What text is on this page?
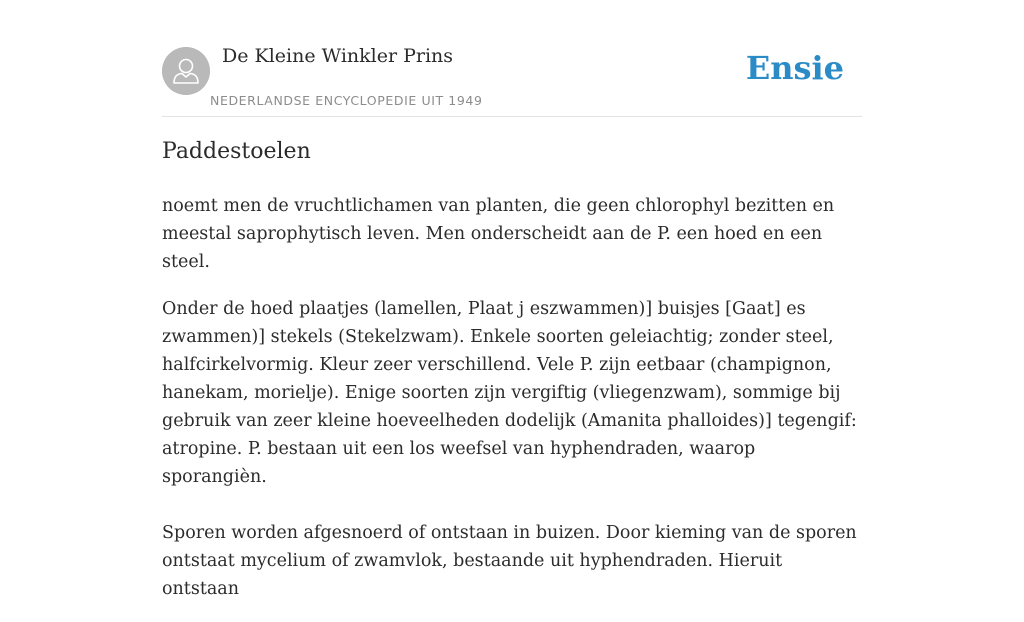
De Kleine Winkler Prins
NEDERLANDSE ENCYCLOPEDIE UIT 1949
Ensie
Paddestoelen

noemt men de vruchtlichamen van planten, die geen chlorophyl bezitten en meestal saprophytisch leven. Men onderscheidt aan de P. een hoed en een steel.

Onder de hoed plaatjes (lamellen, Plaat j eszwammen)] buisjes [Gaat] es zwammen)] stekels (Stekelzwam). Enkele soorten geleiachtig; zonder steel, halfcirkelvormig. Kleur zeer verschillend. Vele P. zijn eetbaar (champignon, hanekam, morielje). Enige soorten zijn vergiftig (vliegenzwam), sommige bij gebruik van zeer kleine hoeveelheden dodelijk (Amanita phalloides)] tegengif: atropine. P. bestaan uit een los weefsel van hyphendraden, waarop sporangièn.

Sporen worden afgesnoerd of ontstaan in buizen. Door kieming van de sporen ontstaat mycelium of zwamvlok, bestaande uit hyphendraden. Hieruit ontstaan
